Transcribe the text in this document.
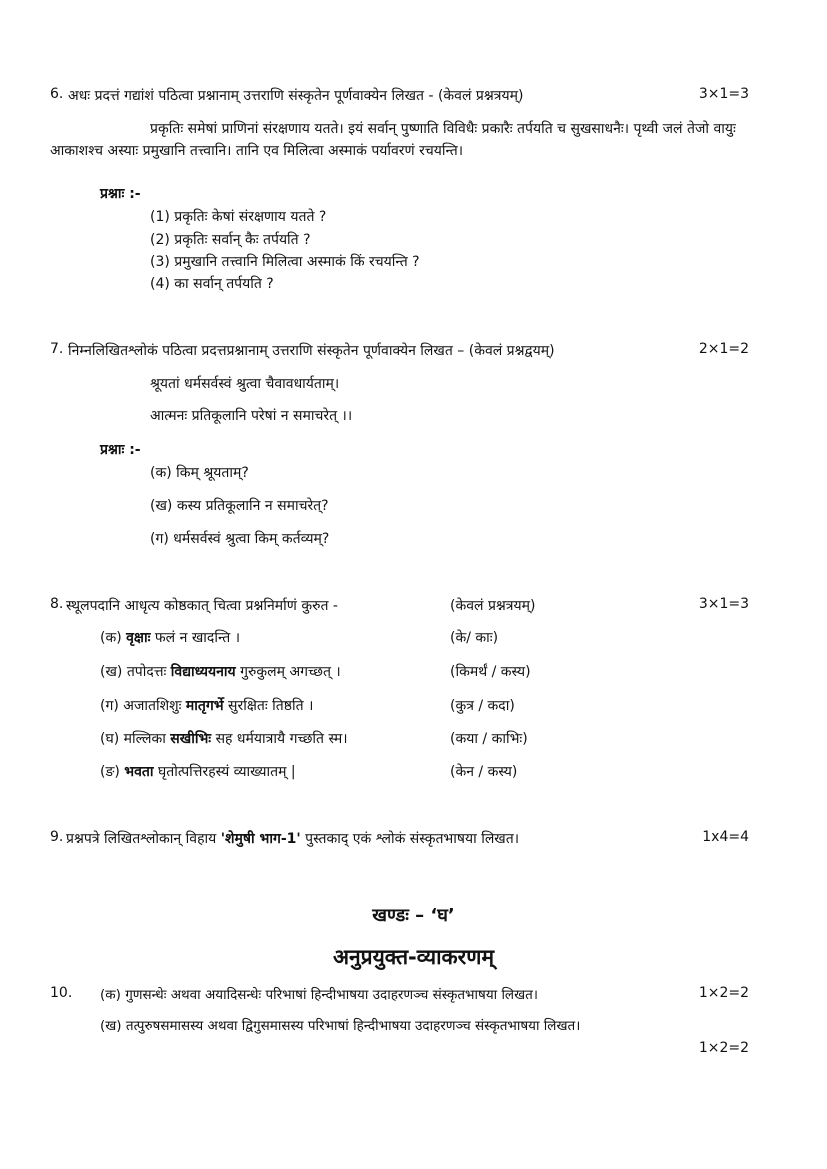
6. अधः प्रदत्तं गद्यांशं पठित्वा प्रश्नानाम् उत्तराणि संस्कृतेन पूर्णवाक्येन लिखत - (केवलं प्रश्नत्रयम्)	3×1=3
प्रकृतिः समेषां प्राणिनां संरक्षणाय यतते। इयं सर्वान् पुष्णाति विविधैः प्रकारैः तर्पयति च सुखसाधनैः। पृथ्वी जलं तेजो वायुः आकाशश्च अस्याः प्रमुखानि तत्त्वानि। तानि एव मिलित्वा अस्माकं पर्यावरणं रचयन्ति।
प्रश्नाः :-
(1) प्रकृतिः केषां संरक्षणाय यतते ?
(2) प्रकृतिः सर्वान् कैः तर्पयति ?
(3) प्रमुखानि तत्त्वानि मिलित्वा अस्माकं किं रचयन्ति ?
(4) का सर्वान् तर्पयति ?
7. निम्नलिखितश्लोकं पठित्वा प्रदत्तप्रश्नानाम् उत्तराणि संस्कृतेन पूर्णवाक्येन लिखत – (केवलं प्रश्नद्वयम्)	2×1=2
श्रूयतां धर्मसर्वस्वं श्रुत्वा चैवावधार्यताम्।
आत्मनः प्रतिकूलानि परेषां न समाचरेत् ।।
प्रश्नाः :-
(क) किम् श्रूयताम्?
(ख) कस्य प्रतिकूलानि न समाचरेत्?
(ग) धर्मसर्वस्वं श्रुत्वा किम् कर्तव्यम्?
8. स्थूलपदानि आधृत्य कोष्ठकात् चित्वा प्रश्ननिर्माणं कुरुत -	(केवलं प्रश्नत्रयम्)	3×1=3
(क) वृक्षाः फलं न खादन्ति ।	(के/ काः)
(ख) तपोदत्तः विद्याध्ययनाय गुरुकुलम् अगच्छत् ।	(किमर्थं / कस्य)
(ग) अजातशिशुः मातृगर्भे सुरक्षितः तिष्ठति ।	(कुत्र / कदा)
(घ) मल्लिका सखीभिः सह धर्मयात्रायै गच्छति स्म।	(कया / काभिः)
(ङ) भवता घृतोत्पत्तिरहस्यं व्याख्यातम् |	(केन / कस्य)
9. प्रश्नपत्रे लिखितश्लोकान् विहाय 'शेमुषी भाग-1' पुस्तकाद् एकं श्लोकं संस्कृतभाषया लिखत।	1x4=4
खण्डः – ‘घ’
अनुप्रयुक्त-व्याकरणम्
10. (क) गुणसन्धेः अथवा अयादिसन्धेः परिभाषां हिन्दीभाषया उदाहरणञ्च संस्कृतभाषया लिखत।	1×2=2
(ख) तत्पुरुषसमासस्य अथवा द्विगुसमासस्य परिभाषां हिन्दीभाषया उदाहरणञ्च संस्कृतभाषया लिखत।
1×2=2
